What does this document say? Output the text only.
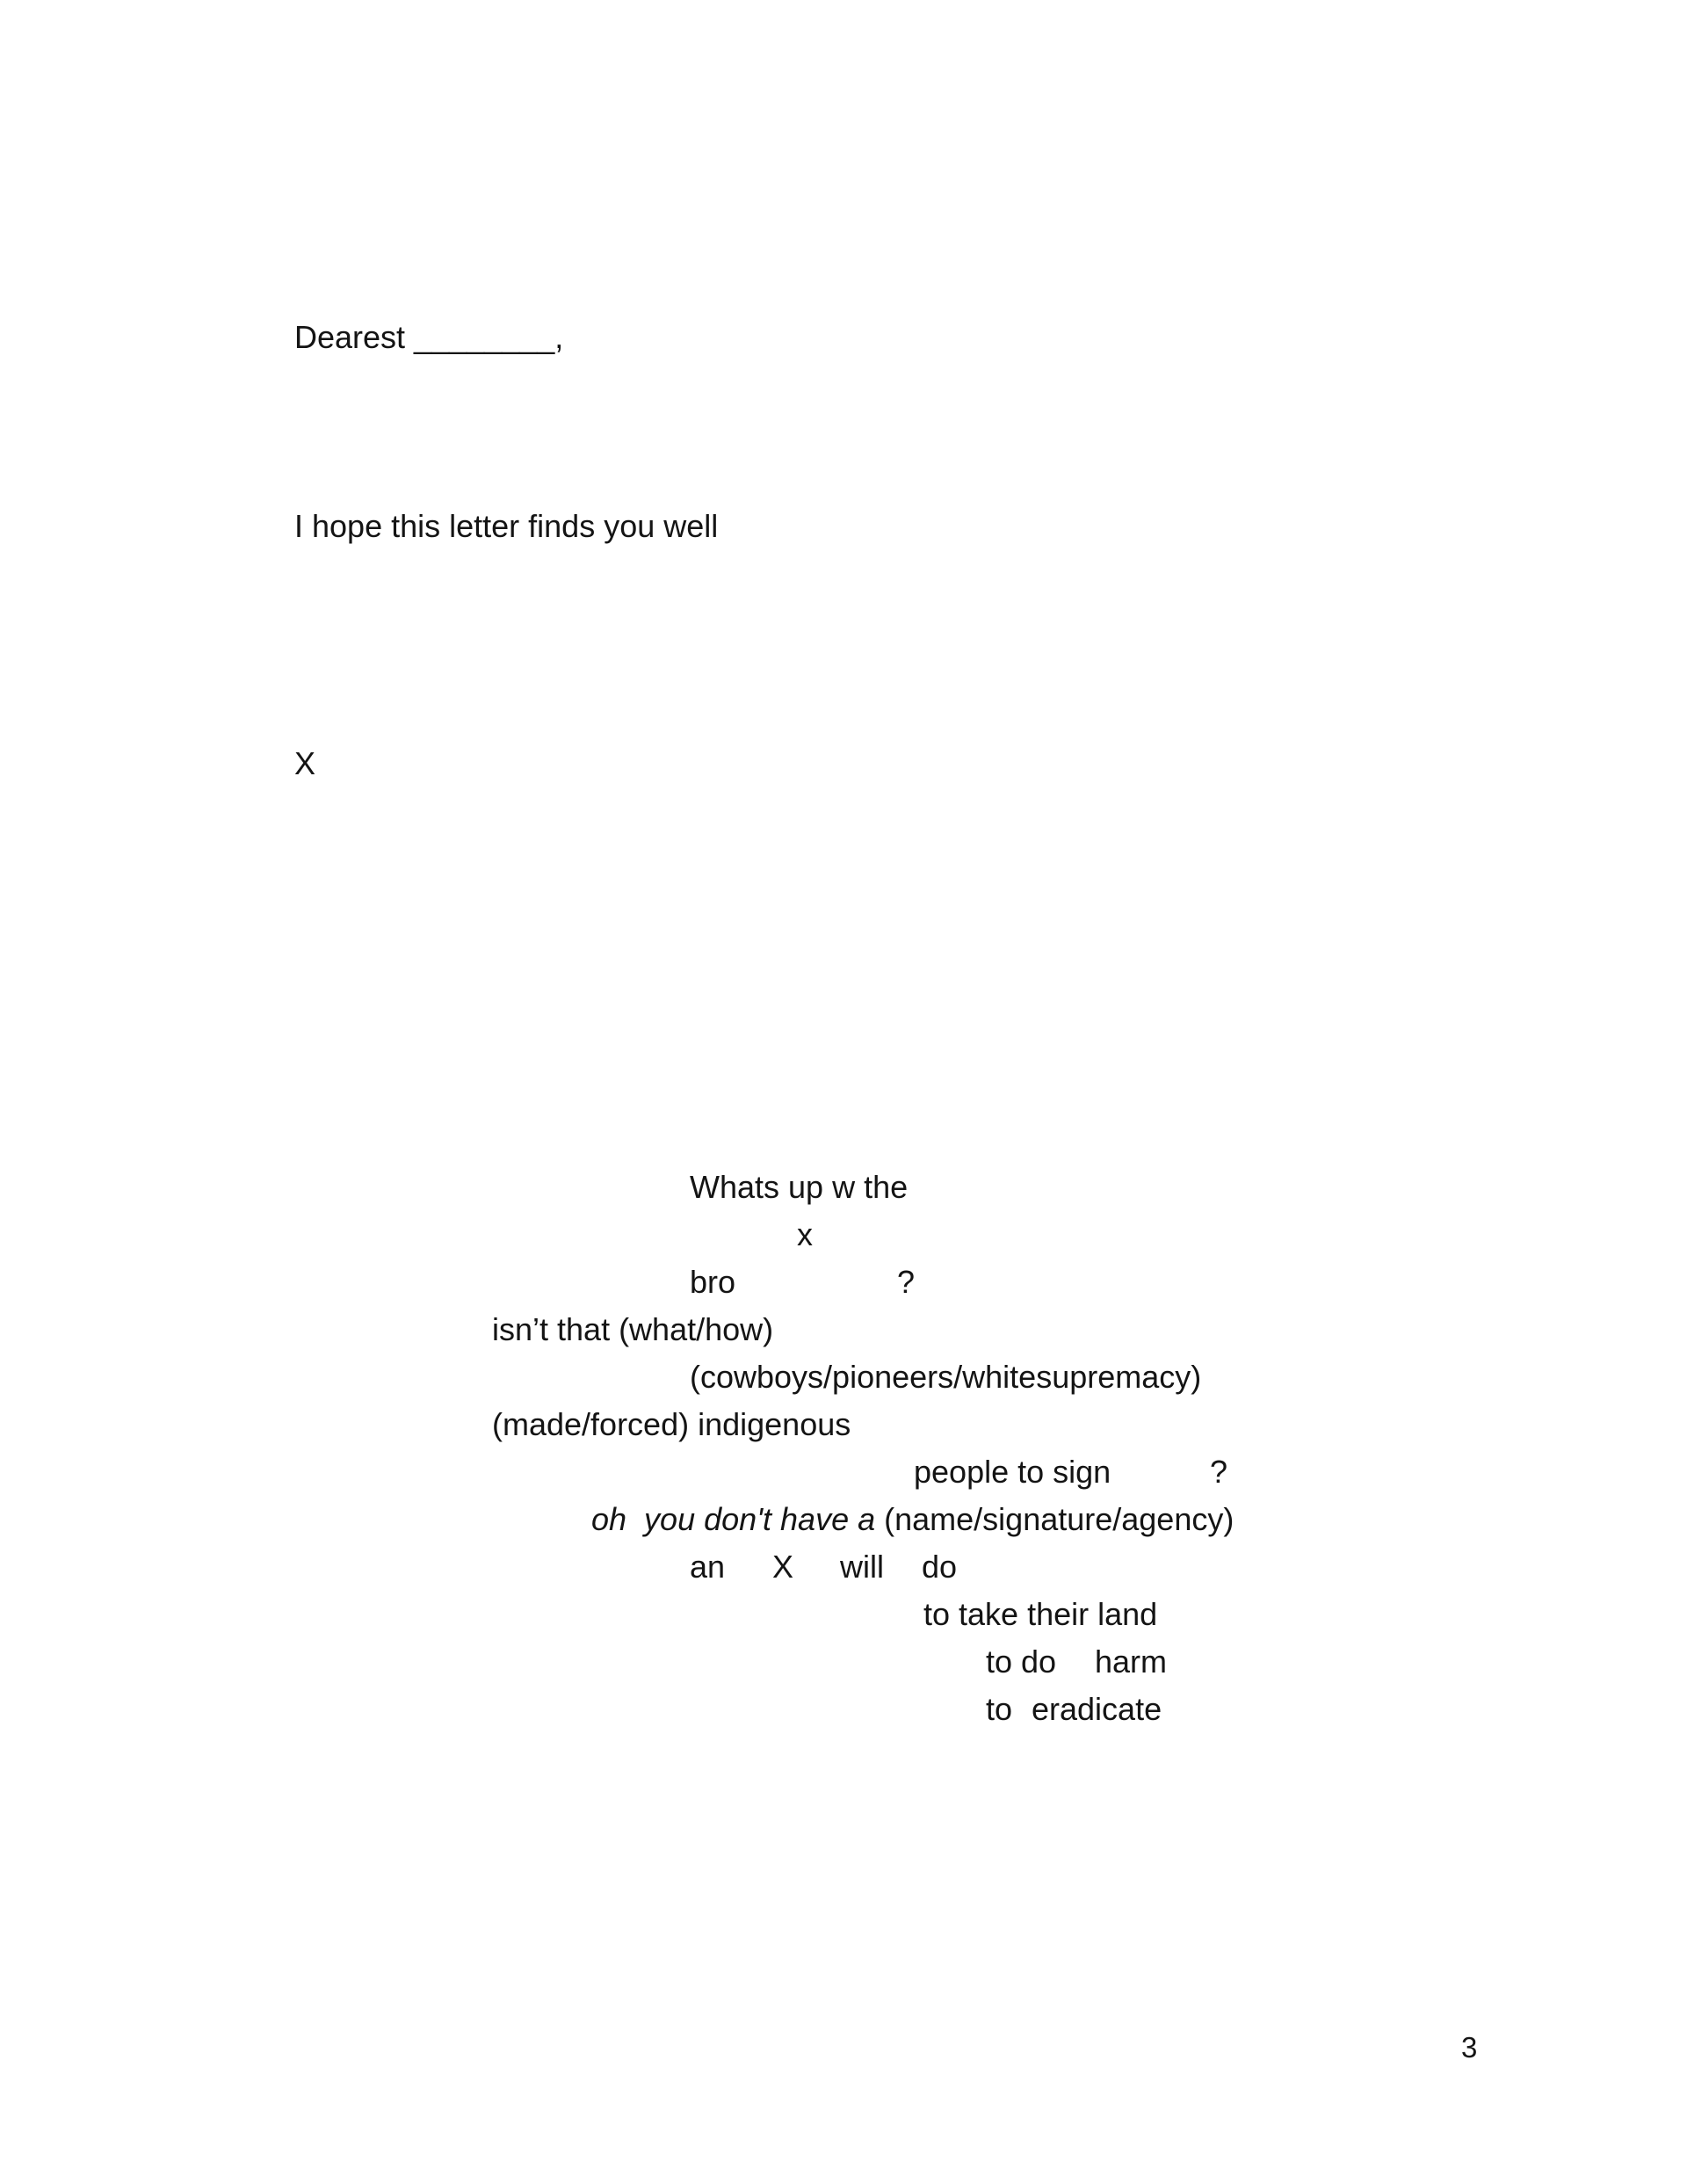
Dearest ________,

I hope this letter finds you well

X

Whats up w the

x

bro	?

isn’t that (what/how)

(cowboys/pioneers/whitesupremacy)

(made/forced) indigenous

people to sign	?

oh  you don't have a (name/signature/agency)

an X will do

to take their land

to do harm

to eradicate

3
